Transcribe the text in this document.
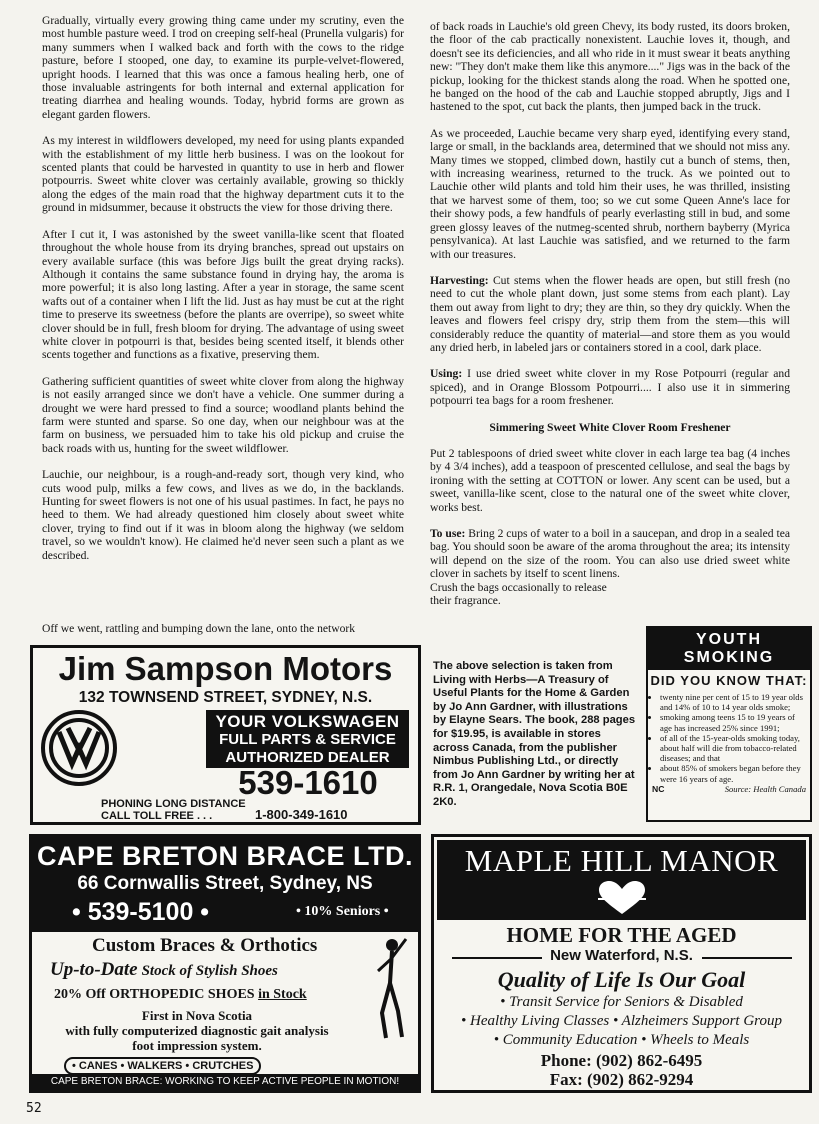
Gradually, virtually every growing thing came under my scrutiny, even the most humble pasture weed. I trod on creeping self-heal (Prunella vulgaris) for many summers when I walked back and forth with the cows to the ridge pasture, before I stooped, one day, to examine its purple-velvet-flowered, upright hoods. I learned that this was once a famous healing herb, one of those invaluable astringents for both internal and external application for treating diarrhea and healing wounds. Today, hybrid forms are grown as elegant garden flowers.

As my interest in wildflowers developed, my need for using plants expanded with the establishment of my little herb business. I was on the lookout for scented plants that could be harvested in quantity to use in herb and flower potpourris. Sweet white clover was certainly available, growing so thickly along the edges of the main road that the highway department cuts it to the ground in midsummer, because it obstructs the view for those driving there.

After I cut it, I was astonished by the sweet vanilla-like scent that floated throughout the whole house from its drying branches, spread out upstairs on every available surface (this was before Jigs built the great drying racks). Although it contains the same substance found in drying hay, the aroma is more powerful; it is also long lasting. After a year in storage, the same scent wafts out of a container when I lift the lid. Just as hay must be cut at the right time to preserve its sweetness (before the plants are overripe), so sweet white clover should be in full, fresh bloom for drying. The advantage of using sweet white clover in potpourri is that, besides being scented itself, it blends other scents together and functions as a fixative, preserving them.

Gathering sufficient quantities of sweet white clover from along the highway is not easily arranged since we don't have a vehicle. One summer during a drought we were hard pressed to find a source; woodland plants behind the farm were stunted and sparse. So one day, when our neighbour was at the farm on business, we persuaded him to take his old pickup and cruise the back roads with us, hunting for the sweet wildflower.

Lauchie, our neighbour, is a rough-and-ready sort, though very kind, who cuts wood pulp, milks a few cows, and lives as we do, in the backlands. Hunting for sweet flowers is not one of his usual pastimes. In fact, he pays no heed to them. We had already questioned him closely about sweet white clover, trying to find out if it was in bloom along the highway (we seldom travel, so we wouldn't know). He claimed he'd never seen such a plant as we described.

Off we went, rattling and bumping down the lane, onto the network

of back roads in Lauchie's old green Chevy, its body rusted, its doors broken, the floor of the cab practically nonexistent. Lauchie loves it, though, and doesn't see its deficiencies, and all who ride in it must swear it beats anything new: "They don't make them like this anymore...." Jigs was in the back of the pickup, looking for the thickest stands along the road. When he spotted one, he banged on the hood of the cab and Lauchie stopped abruptly, Jigs and I hastened to the spot, cut back the plants, then jumped back in the truck.

As we proceeded, Lauchie became very sharp eyed, identifying every stand, large or small, in the backlands area, determined that we should not miss any. Many times we stopped, climbed down, hastily cut a bunch of stems, then, with increasing weariness, returned to the truck. As we pointed out to Lauchie other wild plants and told him their uses, he was thrilled, insisting that we harvest some of them, too; so we cut some Queen Anne's lace for their showy pods, a few handfuls of pearly everlasting still in bud, and some green glossy leaves of the nutmeg-scented shrub, northern bayberry (Myrica pensylvanica). At last Lauchie was satisfied, and we returned to the farm with our treasures.

Harvesting: Cut stems when the flower heads are open, but still fresh (no need to cut the whole plant down, just some stems from each plant). Lay them out away from light to dry; they are thin, so they dry quickly. When the leaves and flowers feel crispy dry, strip them from the stem—this will considerably reduce the quantity of material—and store them as you would any dried herb, in labeled jars or containers stored in a cool, dark place.

Using: I use dried sweet white clover in my Rose Potpourri (regular and spiced), and in Orange Blossom Potpourri.... I also use it in simmering potpourri tea bags for a room freshener.

Simmering Sweet White Clover Room Freshener

Put 2 tablespoons of dried sweet white clover in each large tea bag (4 inches by 4 3/4 inches), add a teaspoon of prescented cellulose, and seal the bags by ironing with the setting at COTTON or lower. Any scent can be used, but a sweet, vanilla-like scent, close to the natural one of the sweet white clover, works best.

To use: Bring 2 cups of water to a boil in a saucepan, and drop in a sealed tea bag. You should soon be aware of the aroma throughout the area; its intensity will depend on the size of the room. You can also use dried sweet white clover in sachets by itself to scent linens.

Crush the bags occasionally to release
their fragrance.
The above selection is taken from Living with Herbs—A Treasury of Useful Plants for the Home & Garden by Jo Ann Gardner, with illustrations by Elayne Sears. The book, 288 pages for $19.95, is available in stores across Canada, from the publisher Nimbus Publishing Ltd., or directly from Jo Ann Gardner by writing her at R.R. 1, Orangedale, Nova Scotia B0E 2K0.
YOUTH SMOKING
DID YOU KNOW THAT:
• twenty nine per cent of 15 to 19 year olds and 14% of 10 to 14 year olds smoke;
• smoking among teens 15 to 19 years of age has increased 25% since 1991;
• of all of the 15-year-olds smoking today, about half will die from tobacco-related diseases; and that
• about 85% of smokers began before they were 16 years of age.
NC	Source: Health Canada
Jim Sampson Motors
132 TOWNSEND STREET, SYDNEY, N.S.
YOUR VOLKSWAGEN
FULL PARTS & SERVICE
AUTHORIZED DEALER
539-1610
PHONING LONG DISTANCE
CALL TOLL FREE . . .	1-800-349-1610
CAPE BRETON BRACE LTD.
66 Cornwallis Street, Sydney, NS
• 539-5100 •	• 10% Seniors •
Custom Braces & Orthotics
Up-to-Date Stock of Stylish Shoes
20% Off ORTHOPEDIC SHOES in Stock
First in Nova Scotia
with fully computerized diagnostic gait analysis
foot impression system.
• CANES • WALKERS • CRUTCHES
CAPE BRETON BRACE: WORKING TO KEEP ACTIVE PEOPLE IN MOTION!
MAPLE HILL MANOR
HOME FOR THE AGED
New Waterford, N.S.
Quality of Life Is Our Goal
• Transit Service for Seniors & Disabled
• Healthy Living Classes • Alzheimers Support Group
• Community Education • Wheels to Meals
Phone: (902) 862-6495
Fax: (902) 862-9294
52
